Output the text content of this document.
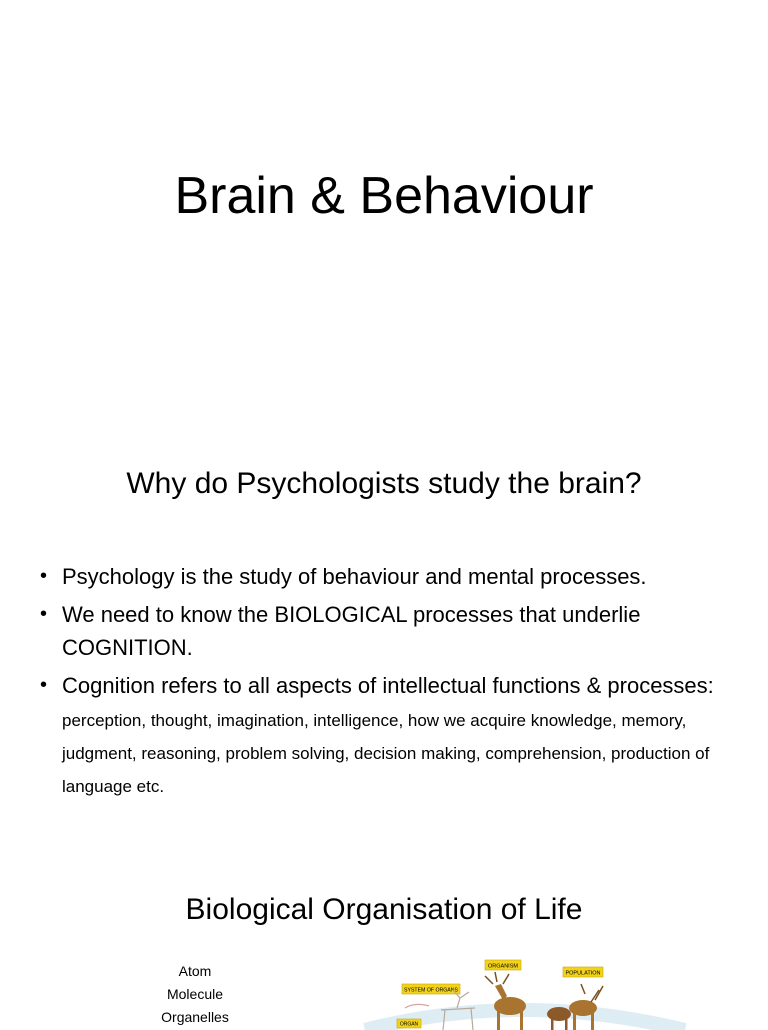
Brain & Behaviour
Why do Psychologists study the brain?
• Psychology is the study of behaviour and mental processes.
• We need to know the BIOLOGICAL processes that underlie COGNITION.
• Cognition refers to all aspects of intellectual functions & processes: perception, thought, imagination, intelligence, how we acquire knowledge, memory, judgment, reasoning, problem solving, decision making, comprehension, production of language etc.
Biological Organisation of Life
Atom
Molecule
Organelles
ORGANISM
POPULATION
SYSTEM OF ORGANS
ORGAN
